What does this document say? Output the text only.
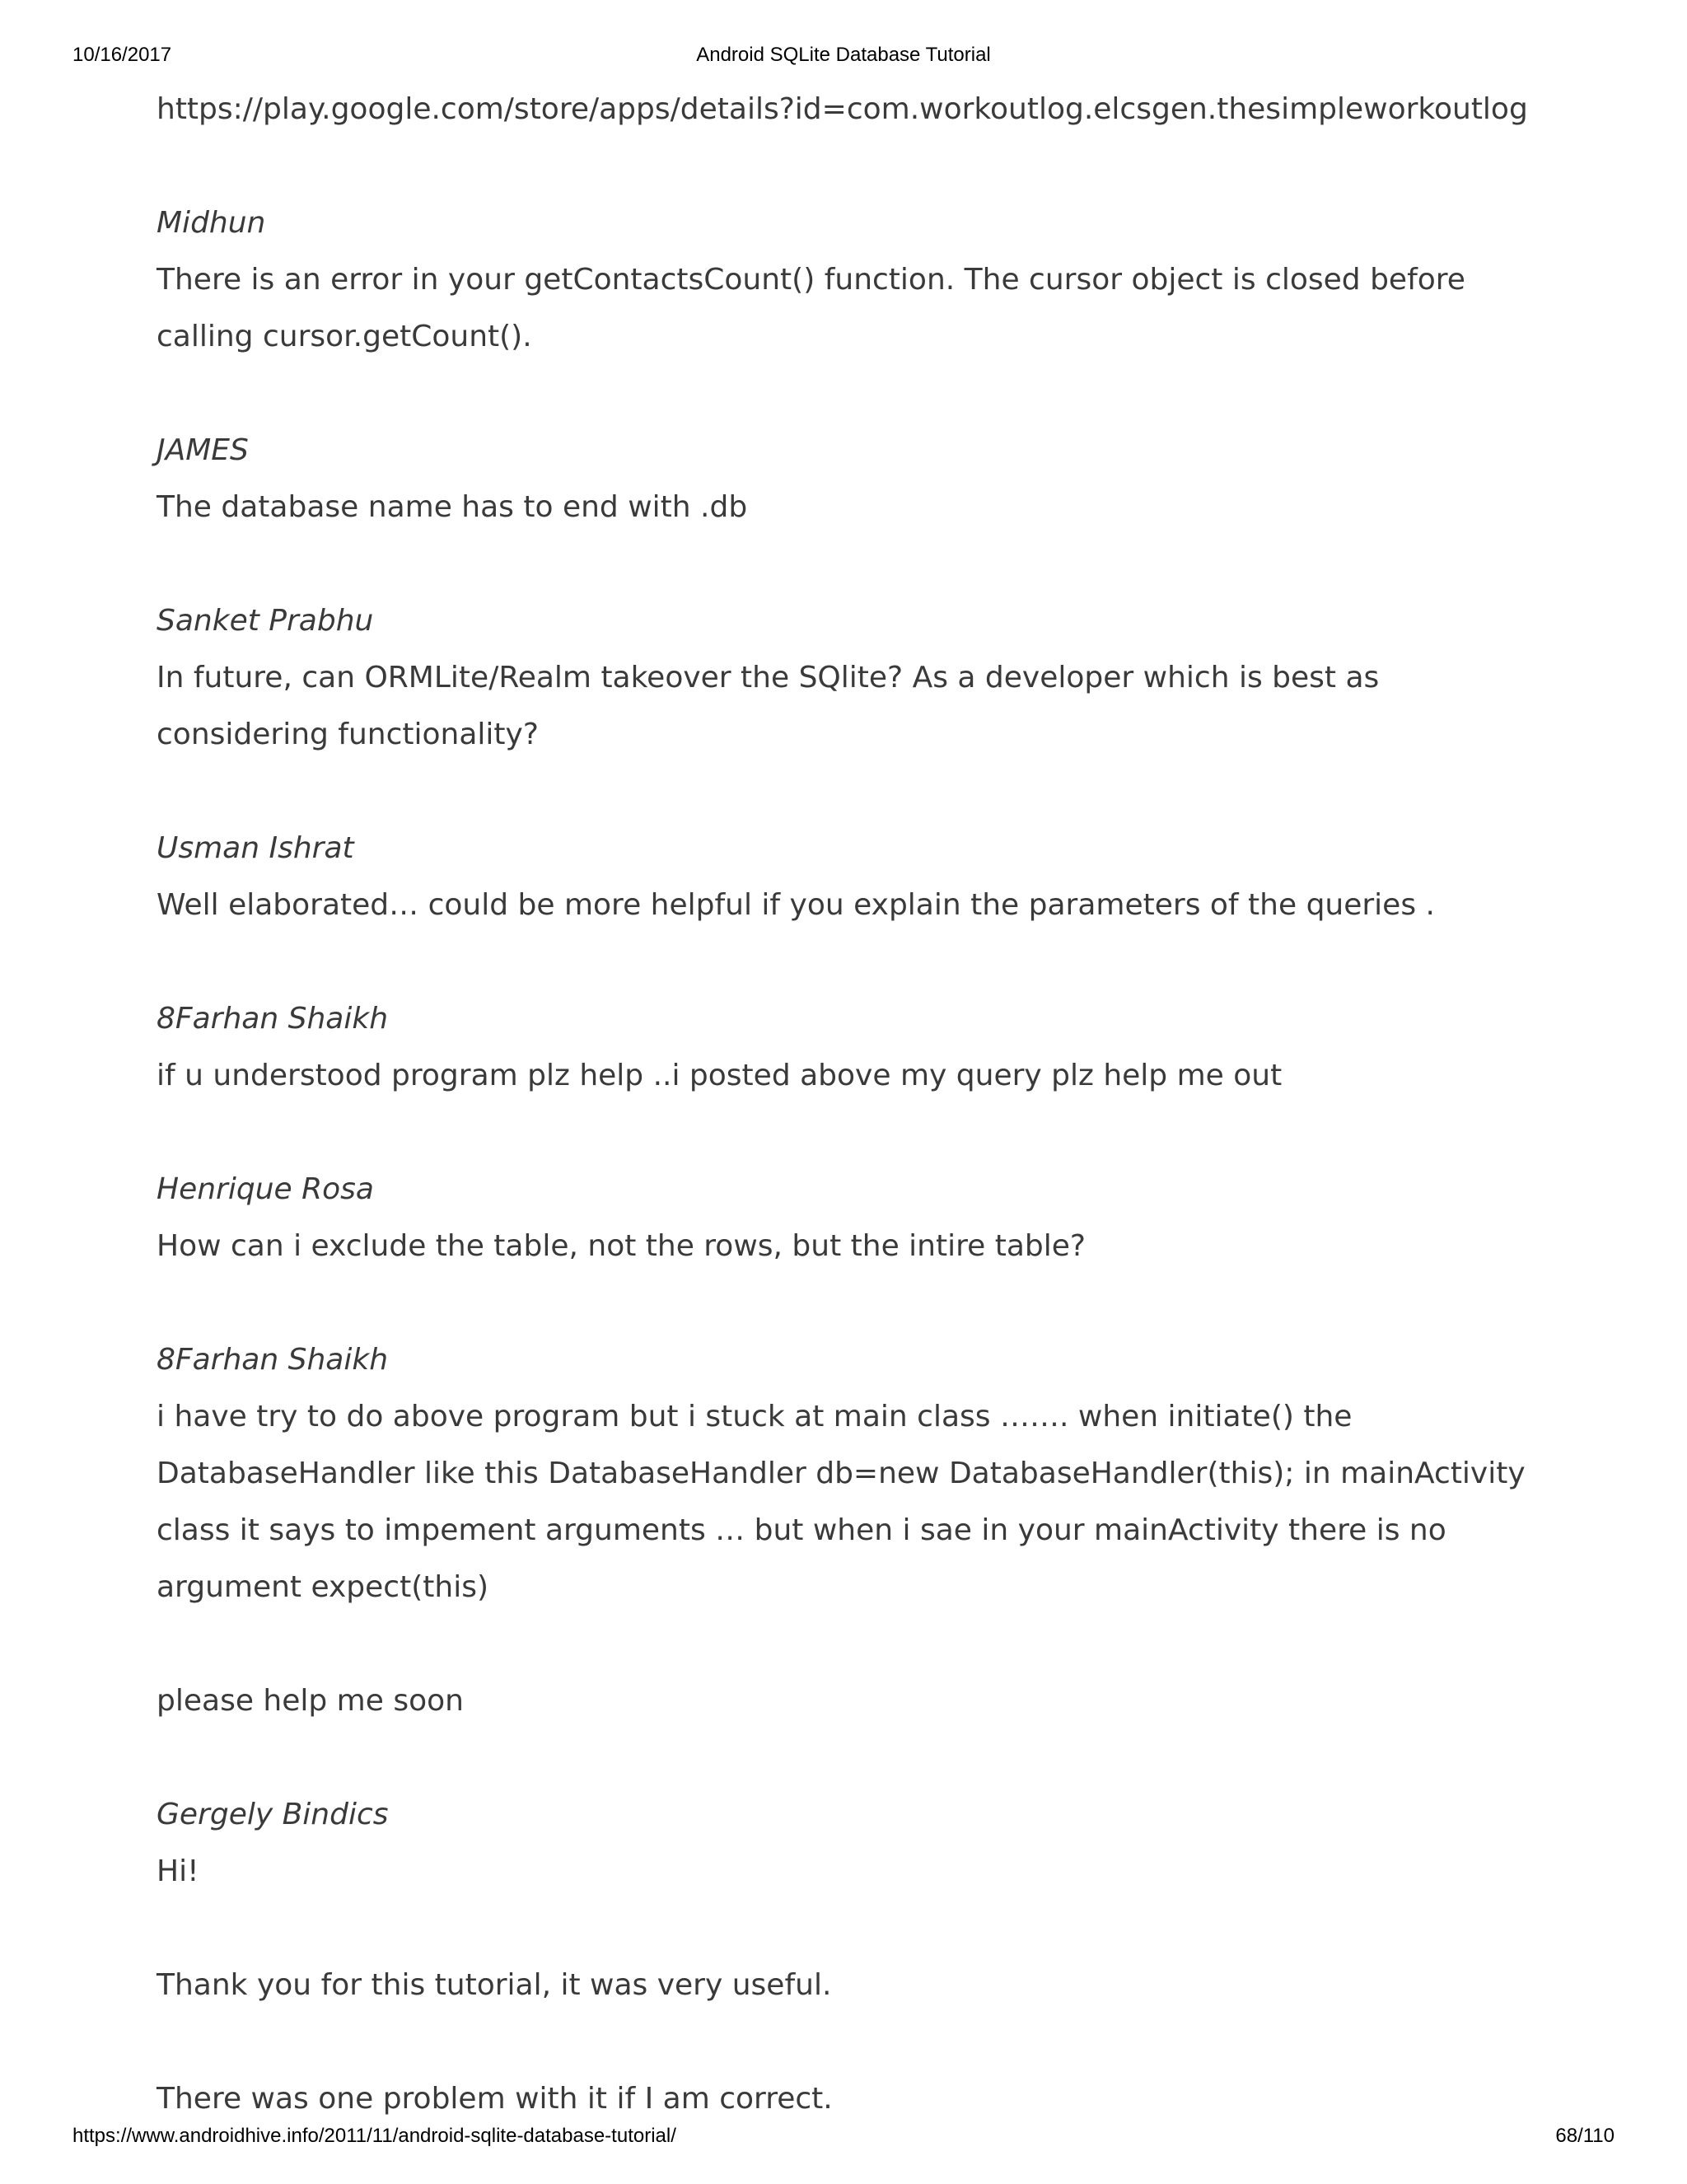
10/16/2017	Android SQLite Database Tutorial

https://play.google.com/store/apps/details?id=com.workoutlog.elcsgen.thesimpleworkoutlog

Midhun

There is an error in your getContactsCount() function. The cursor object is closed before calling cursor.getCount().

JAMES

The database name has to end with .db

Sanket Prabhu

In future, can ORMLite/Realm takeover the SQlite? As a developer which is best as considering functionality?

Usman Ishrat

Well elaborated… could be more helpful if you explain the parameters of the queries .

8Farhan Shaikh

if u understood program plz help ..i posted above my query plz help me out

Henrique Rosa

How can i exclude the table, not the rows, but the intire table?

8Farhan Shaikh

i have try to do above program but i stuck at main class ……. when initiate() the DatabaseHandler like this DatabaseHandler db=new DatabaseHandler(this); in mainActivity class it says to impement arguments … but when i sae in your mainActivity there is no argument expect(this)

please help me soon

Gergely Bindics

Hi!

Thank you for this tutorial, it was very useful.

There was one problem with it if I am correct.

https://www.androidhive.info/2011/11/android-sqlite-database-tutorial/	68/110
